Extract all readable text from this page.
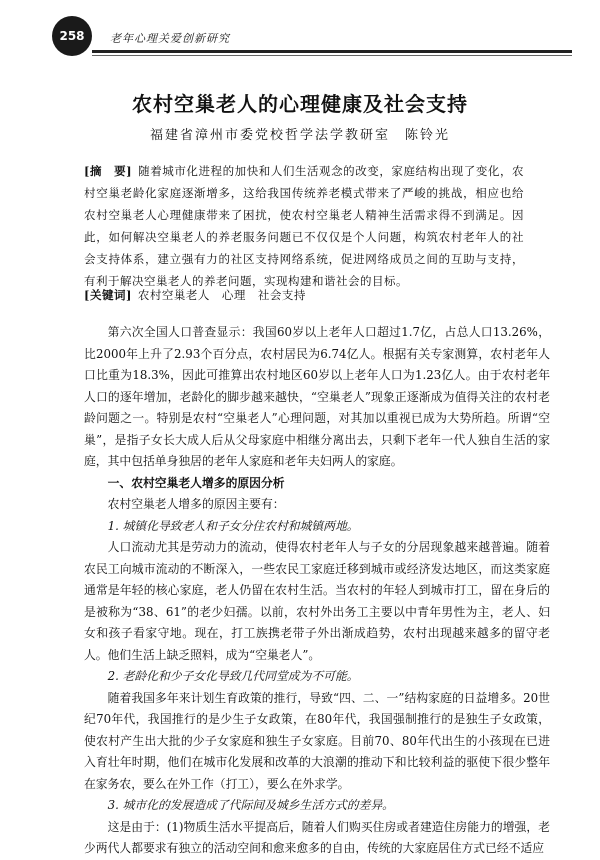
258	老年心理关爱创新研究
农村空巢老人的心理健康及社会支持
福建省漳州市委党校哲学法学教研室　陈铃光
[摘　要] 随着城市化进程的加快和人们生活观念的改变，家庭结构出现了变化，农村空巢老龄化家庭逐渐增多，这给我国传统养老模式带来了严峻的挑战，相应也给农村空巢老人心理健康带来了困扰，使农村空巢老人精神生活需求得不到满足。因此，如何解决空巢老人的养老服务问题已不仅仅是个人问题，构筑农村老年人的社会支持体系，建立强有力的社区支持网络系统，促进网络成员之间的互助与支持，有利于解决空巢老人的养老问题，实现构建和谐社会的目标。
[关键词] 农村空巢老人　心理　社会支持

第六次全国人口普查显示：我国60岁以上老年人口超过1.7亿，占总人口13.26%，比2000年上升了2.93个百分点，农村居民为6.74亿人。根据有关专家测算，农村老年人口比重为18.3%，因此可推算出农村地区60岁以上老年人口为1.23亿人。由于农村老年人口的逐年增加，老龄化的脚步越来越快，“空巢老人”现象正逐渐成为值得关注的农村老龄问题之一。特别是农村“空巢老人”心理问题，对其加以重视已成为大势所趋。所谓“空巢”，是指子女长大成人后从父母家庭中相继分离出去，只剩下老年一代人独自生活的家庭，其中包括单身独居的老年人家庭和老年夫妇两人的家庭。

一、农村空巢老人增多的原因分析

农村空巢老人增多的原因主要有：

1. 城镇化导致老人和子女分住农村和城镇两地。

人口流动尤其是劳动力的流动，使得农村老年人与子女的分居现象越来越普遍。随着农民工向城市流动的不断深入，一些农民工家庭迁移到城市或经济发达地区，而这类家庭通常是年轻的核心家庭，老人仍留在农村生活。当农村的年轻人到城市打工，留在身后的是被称为“38、61”的老少妇孺。以前，农村外出务工主要以中青年男性为主，老人、妇女和孩子看家守地。现在，打工族携老带子外出渐成趋势，农村出现越来越多的留守老人。他们生活上缺乏照料，成为“空巢老人”。

2. 老龄化和少子女化导致几代同堂成为不可能。

随着我国多年来计划生育政策的推行，导致“四、二、一”结构家庭的日益增多。20世纪70年代，我国推行的是少生子女政策，在80年代，我国强制推行的是独生子女政策，使农村产生出大批的少子女家庭和独生子女家庭。目前70、80年代出生的小孩现在已进入育壮年时期，他们在城市化发展和改革的大浪潮的推动下和比较利益的驱使下很少整年在家务农，要么在外工作（打工），要么在外求学。

3. 城市化的发展造成了代际间及城乡生活方式的差异。

这是由于：(1)物质生活水平提高后，随着人们购买住房或者建造住房能力的增强，老少两代人都要求有独立的活动空间和愈来愈多的自由，传统的大家庭居住方式已经不适应
